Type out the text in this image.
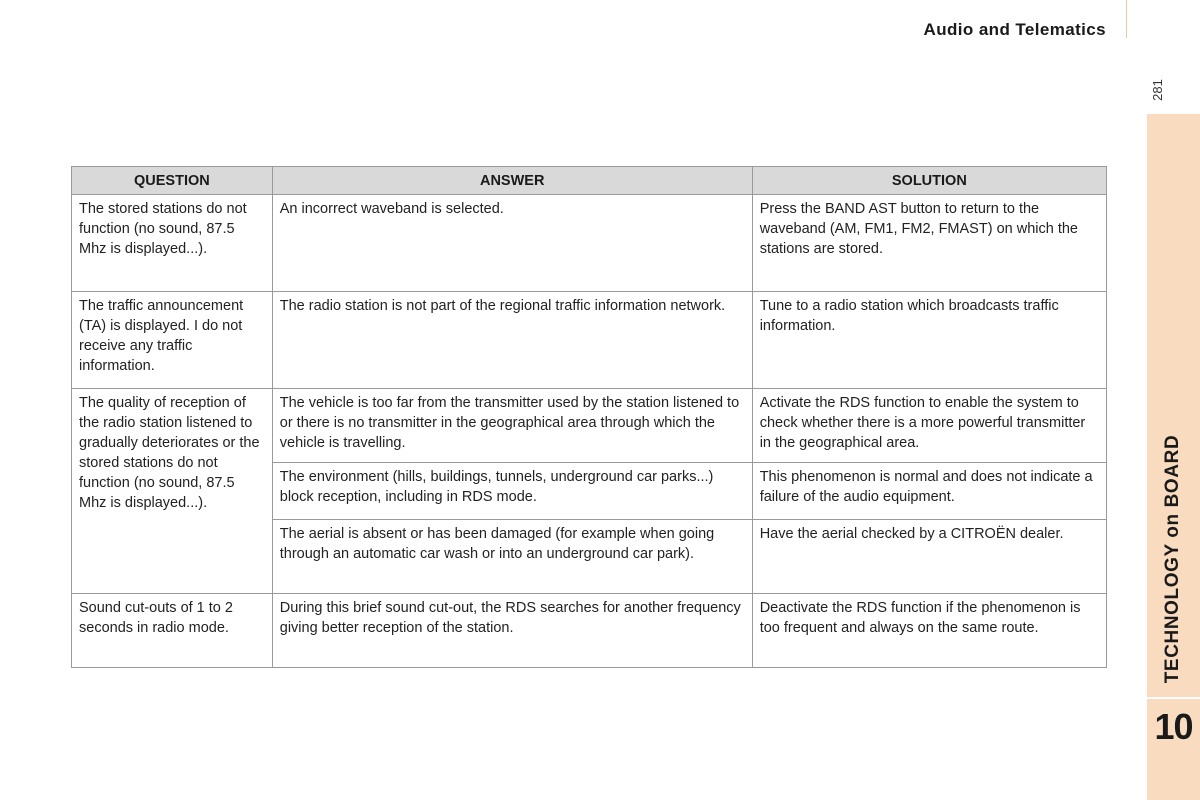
Audio and Telematics
281
TECHNOLOGY on BOARD
10
QUESTION	ANSWER	SOLUTION
The stored stations do not function (no sound, 87.5 Mhz is displayed...).	An incorrect waveband is selected.	Press the BAND AST button to return to the waveband (AM, FM1, FM2, FMAST) on which the stations are stored.
The traffic announcement (TA) is displayed. I do not receive any traffic information.	The radio station is not part of the regional traffic information network.	Tune to a radio station which broadcasts traffic information.
The quality of reception of the radio station listened to gradually deteriorates or the stored stations do not function (no sound, 87.5 Mhz is displayed...).	The vehicle is too far from the transmitter used by the station listened to or there is no transmitter in the geographical area through which the vehicle is travelling.	Activate the RDS function to enable the system to check whether there is a more powerful transmitter in the geographical area.
	The environment (hills, buildings, tunnels, underground car parks...) block reception, including in RDS mode.	This phenomenon is normal and does not indicate a failure of the audio equipment.
	The aerial is absent or has been damaged (for example when going through an automatic car wash or into an underground car park).	Have the aerial checked by a CITROËN dealer.
Sound cut-outs of 1 to 2 seconds in radio mode.	During this brief sound cut-out, the RDS searches for another frequency giving better reception of the station.	Deactivate the RDS function if the phenomenon is too frequent and always on the same route.
